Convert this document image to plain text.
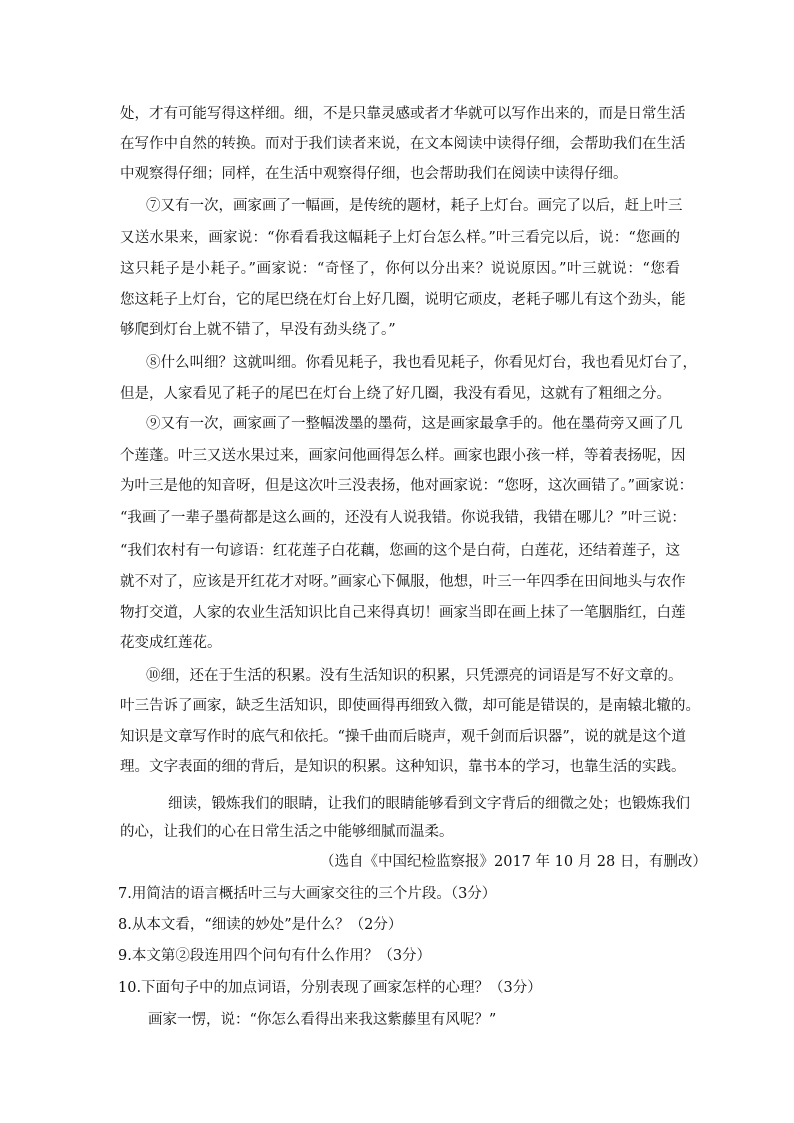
处，才有可能写得这样细。细，不是只靠灵感或者才华就可以写作出来的，而是日常生活
在写作中自然的转换。而对于我们读者来说，在文本阅读中读得仔细，会帮助我们在生活
中观察得仔细；同样，在生活中观察得仔细，也会帮助我们在阅读中读得仔细。
⑦又有一次，画家画了一幅画，是传统的题材，耗子上灯台。画完了以后，赶上叶三
又送水果来，画家说：“你看看我这幅耗子上灯台怎么样。”叶三看完以后，说：“您画的
这只耗子是小耗子。”画家说：“奇怪了，你何以分出来？说说原因。”叶三就说：“您看
您这耗子上灯台，它的尾巴绕在灯台上好几圈，说明它顽皮，老耗子哪儿有这个劲头，能
够爬到灯台上就不错了，早没有劲头绕了。”
⑧什么叫细？这就叫细。你看见耗子，我也看见耗子，你看见灯台，我也看见灯台了，
但是，人家看见了耗子的尾巴在灯台上绕了好几圈，我没有看见，这就有了粗细之分。
⑨又有一次，画家画了一整幅泼墨的墨荷，这是画家最拿手的。他在墨荷旁又画了几
个莲蓬。叶三又送水果过来，画家问他画得怎么样。画家也跟小孩一样，等着表扬呢，因
为叶三是他的知音呀，但是这次叶三没表扬，他对画家说：“您呀，这次画错了。”画家说：
“我画了一辈子墨荷都是这么画的，还没有人说我错。你说我错，我错在哪儿？”叶三说：
“我们农村有一句谚语：红花莲子白花藕，您画的这个是白荷，白莲花，还结着莲子，这
就不对了，应该是开红花才对呀。”画家心下佩服，他想，叶三一年四季在田间地头与农作
物打交道，人家的农业生活知识比自己来得真切！画家当即在画上抹了一笔胭脂红，白莲
花变成红莲花。
⑩细，还在于生活的积累。没有生活知识的积累，只凭漂亮的词语是写不好文章的。
叶三告诉了画家，缺乏生活知识，即使画得再细致入微，却可能是错误的，是南辕北辙的。
知识是文章写作时的底气和依托。“操千曲而后晓声，观千剑而后识器”，说的就是这个道
理。文字表面的细的背后，是知识的积累。这种知识，靠书本的学习，也靠生活的实践。
细读，锻炼我们的眼睛，让我们的眼睛能够看到文字背后的细微之处；也锻炼我们
的心，让我们的心在日常生活之中能够细腻而温柔。
（选自《中国纪检监察报》2017 年 10 月 28 日，有删改）
7.用简洁的语言概括叶三与大画家交往的三个片段。（3分）
8.从本文看，“细读的妙处”是什么？（2分）
9.本文第②段连用四个问句有什么作用？（3分）
10.下面句子中的加点词语，分别表现了画家怎样的心理？（3分）
画家一愣，说：“你怎么看得出来我这紫藤里有风呢？”
